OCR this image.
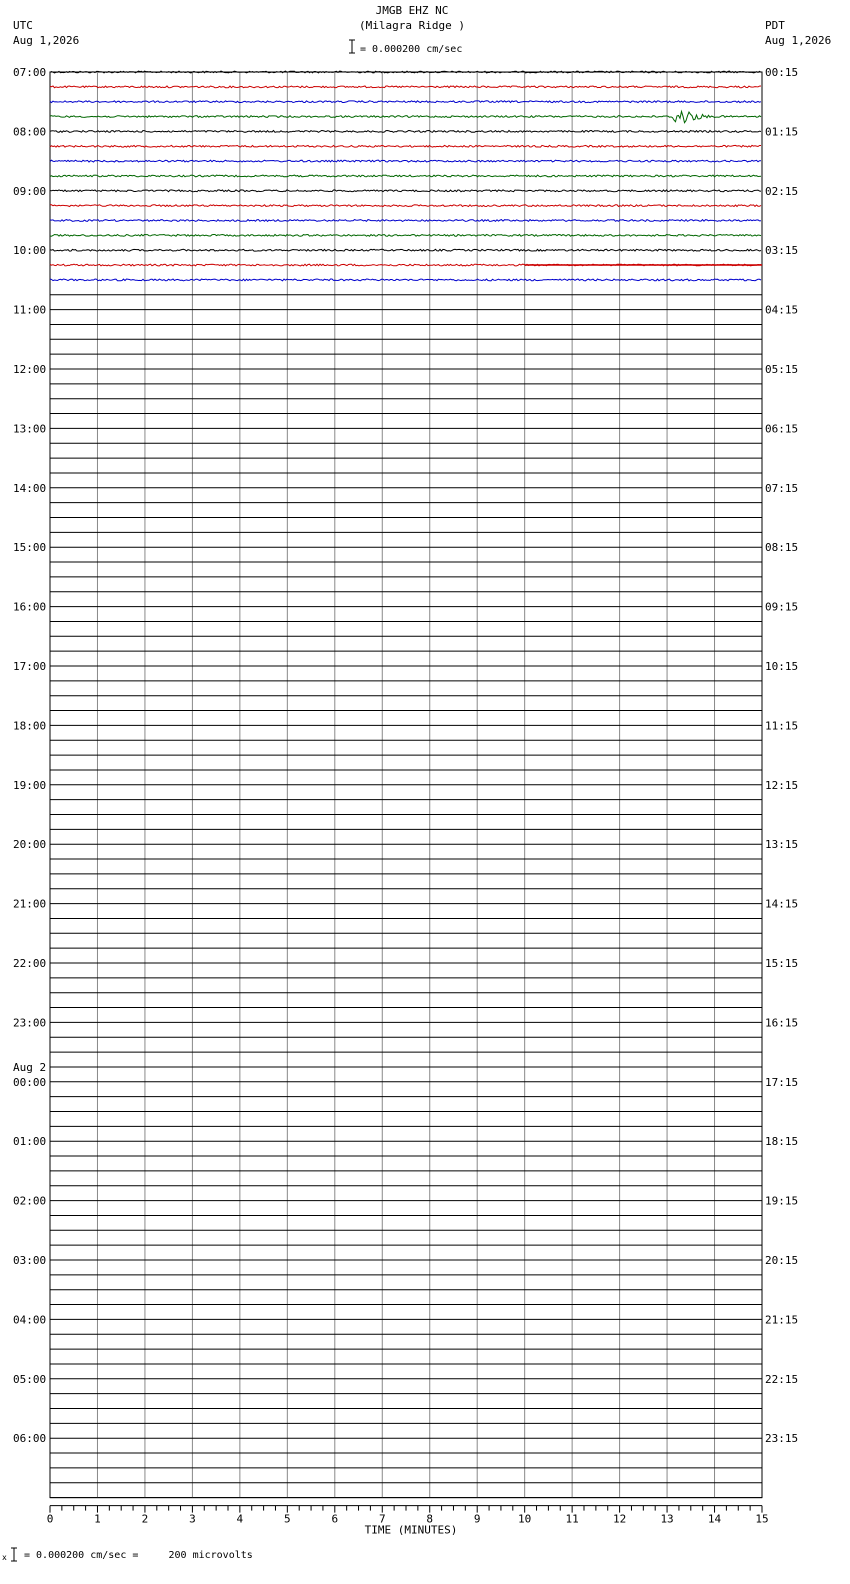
JMGB EHZ NC
(Milagra Ridge )
= 0.000200 cm/sec
UTC
Aug 1,2026
PDT
Aug 1,2026
07:00
08:00
09:00
10:00
11:00
12:00
13:00
14:00
15:00
16:00
17:00
18:00
19:00
20:00
21:00
22:00
23:00
00:00
01:00
02:00
03:00
04:00
05:00
06:00
00:15
01:15
02:15
03:15
04:15
05:15
06:15
07:15
08:15
09:15
10:15
11:15
12:15
13:15
14:15
15:15
16:15
17:15
18:15
19:15
20:15
21:15
22:15
23:15
Aug 2
0	1	2	3	4	5	6	7	8	9	10	11	12	13	14	15
TIME (MINUTES)
x = 0.000200 cm/sec =     200 microvolts
